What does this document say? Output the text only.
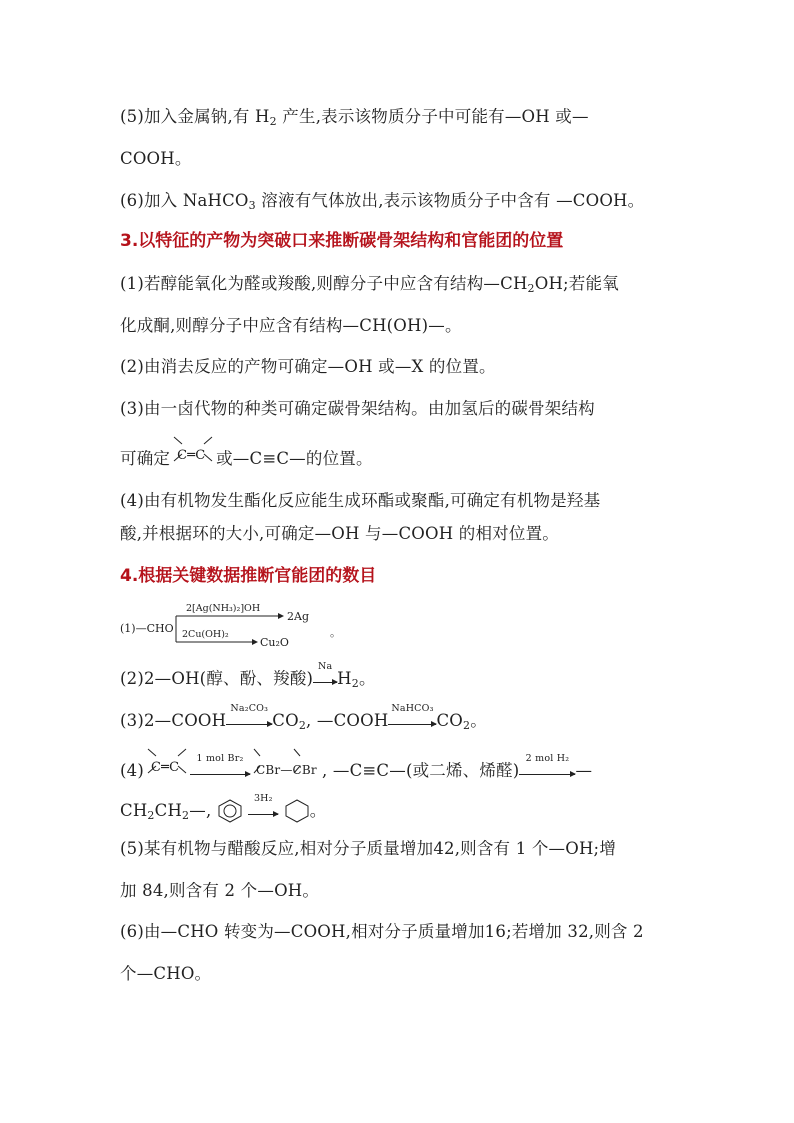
(5)加入金属钠,有 $H_2$ 产生,表示该物质分子中可能有—OH 或—
COOH。
(6)加入 NaHCO$_3$ 溶液有气体放出,表示该物质分子中含有 —COOH。
3.以特征的产物为突破口来推断碳骨架结构和官能团的位置
(1)若醇能氧化为醛或羧酸,则醇分子中应含有结构$—CH_2OH$;若能氧
化成酮,则醇分子中应含有结构—CH(OH)—。
(2)由消去反应的产物可确定—OH 或—X 的位置。
(3)由一卤代物的种类可确定碳骨架结构。由加氢后的碳骨架结构
可确定 C═C 或—C≡C—的位置。
(4)由有机物发生酯化反应能生成环酯或聚酯,可确定有机物是羟基
酸,并根据环的大小,可确定—OH 与—COOH 的相对位置。
4.根据关键数据推断官能团的数目
(1)—CHO
2[Ag(NH₃)₂]OH
2Ag
2Cu(OH)₂
Cu₂O
。
(2)2—OH(醇、酚、羧酸)
Na
$H_2$。
(3)2—COOH
Na₂CO₃
$CO_2$, —COOH
NaHCO₃
$CO_2$。
(4) C═C
1 mol Br₂
CBr—CBr , —C≡C—(或二烯、烯醛)
2 mol H₂
—
$CH_2CH_2—$,

3H₂

。
(5)某有机物与醋酸反应,相对分子质量增加42,则含有 1 个—OH;增
加 84,则含有 2 个—OH。
(6)由—CHO 转变为—COOH,相对分子质量增加16;若增加 32,则含 2
个—CHO。
